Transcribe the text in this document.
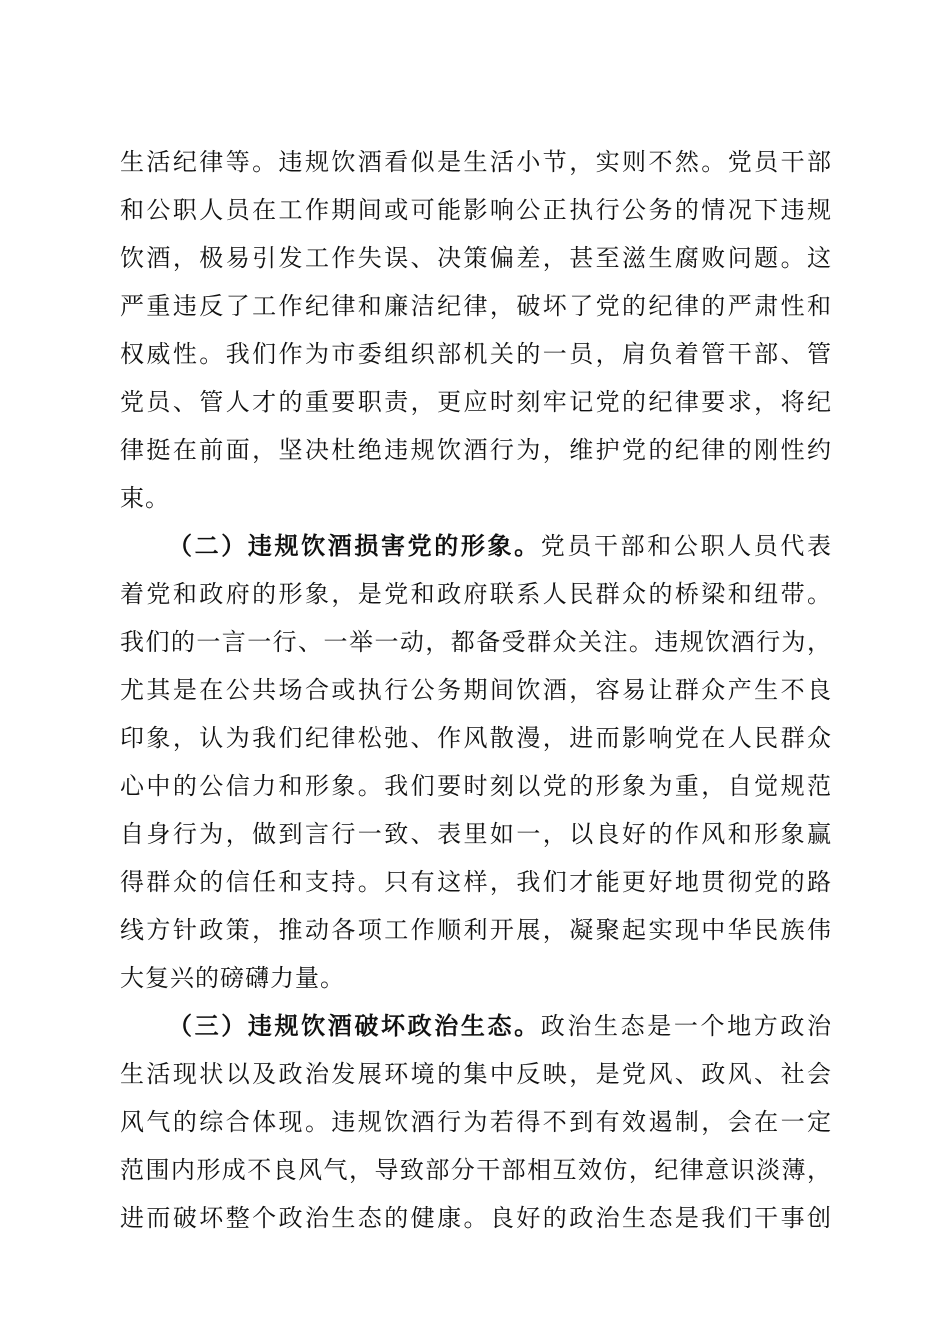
生活纪律等。违规饮酒看似是生活小节，实则不然。党员干部
和公职人员在工作期间或可能影响公正执行公务的情况下违规
饮酒，极易引发工作失误、决策偏差，甚至滋生腐败问题。这
严重违反了工作纪律和廉洁纪律，破坏了党的纪律的严肃性和
权威性。我们作为市委组织部机关的一员，肩负着管干部、管
党员、管人才的重要职责，更应时刻牢记党的纪律要求，将纪
律挺在前面，坚决杜绝违规饮酒行为，维护党的纪律的刚性约
束。
（二）违规饮酒损害党的形象。党员干部和公职人员代表
着党和政府的形象，是党和政府联系人民群众的桥梁和纽带。
我们的一言一行、一举一动，都备受群众关注。违规饮酒行为，
尤其是在公共场合或执行公务期间饮酒，容易让群众产生不良
印象，认为我们纪律松弛、作风散漫，进而影响党在人民群众
心中的公信力和形象。我们要时刻以党的形象为重，自觉规范
自身行为，做到言行一致、表里如一，以良好的作风和形象赢
得群众的信任和支持。只有这样，我们才能更好地贯彻党的路
线方针政策，推动各项工作顺利开展，凝聚起实现中华民族伟
大复兴的磅礴力量。
（三）违规饮酒破坏政治生态。政治生态是一个地方政治
生活现状以及政治发展环境的集中反映，是党风、政风、社会
风气的综合体现。违规饮酒行为若得不到有效遏制，会在一定
范围内形成不良风气，导致部分干部相互效仿，纪律意识淡薄，
进而破坏整个政治生态的健康。良好的政治生态是我们干事创
